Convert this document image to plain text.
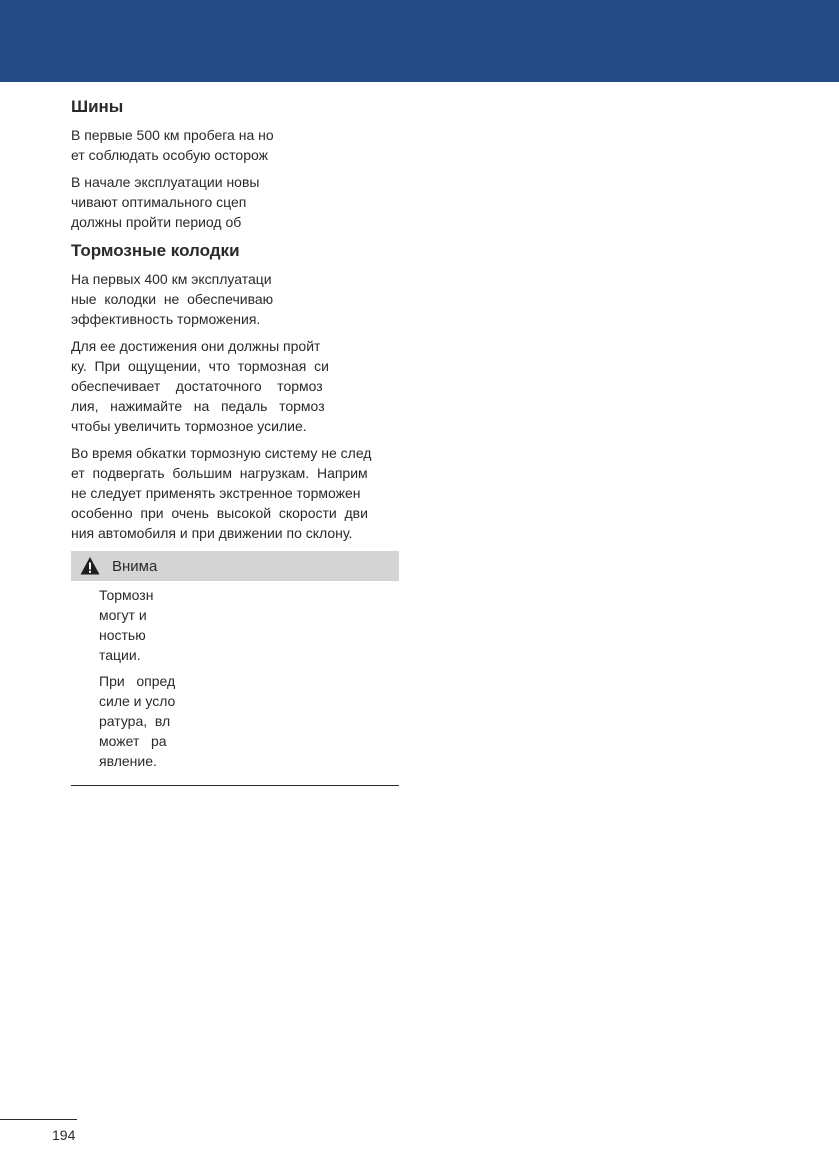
Шины

В первые 500 км пробега на но
ет соблюдать особую осторож

В начале эксплуатации новы
чивают оптимального сцеп
должны пройти период об

Тормозные колодки

На первых 400 км эксплуатаци
ные  колодки  не  обеспечиваю
эффективность торможения.

Для ее достижения они должны пройт
ку.  При  ощущении,  что  тормозная  си
обеспечивает    достаточного    тормоз
лия,   нажимайте   на   педаль   тормоз
чтобы увеличить тормозное усилие.

Во время обкатки тормозную систему не след
ет  подвергать  большим  нагрузкам.  Наприм
не следует применять экстренное торможен
особенно  при  очень  высокой  скорости  дви
ния автомобиля и при движении по склону.

Внима

Тормозн
могут и
ностью
тации.

При   опред
силе и усло
ратура,  вл
может   ра
явление.

194
